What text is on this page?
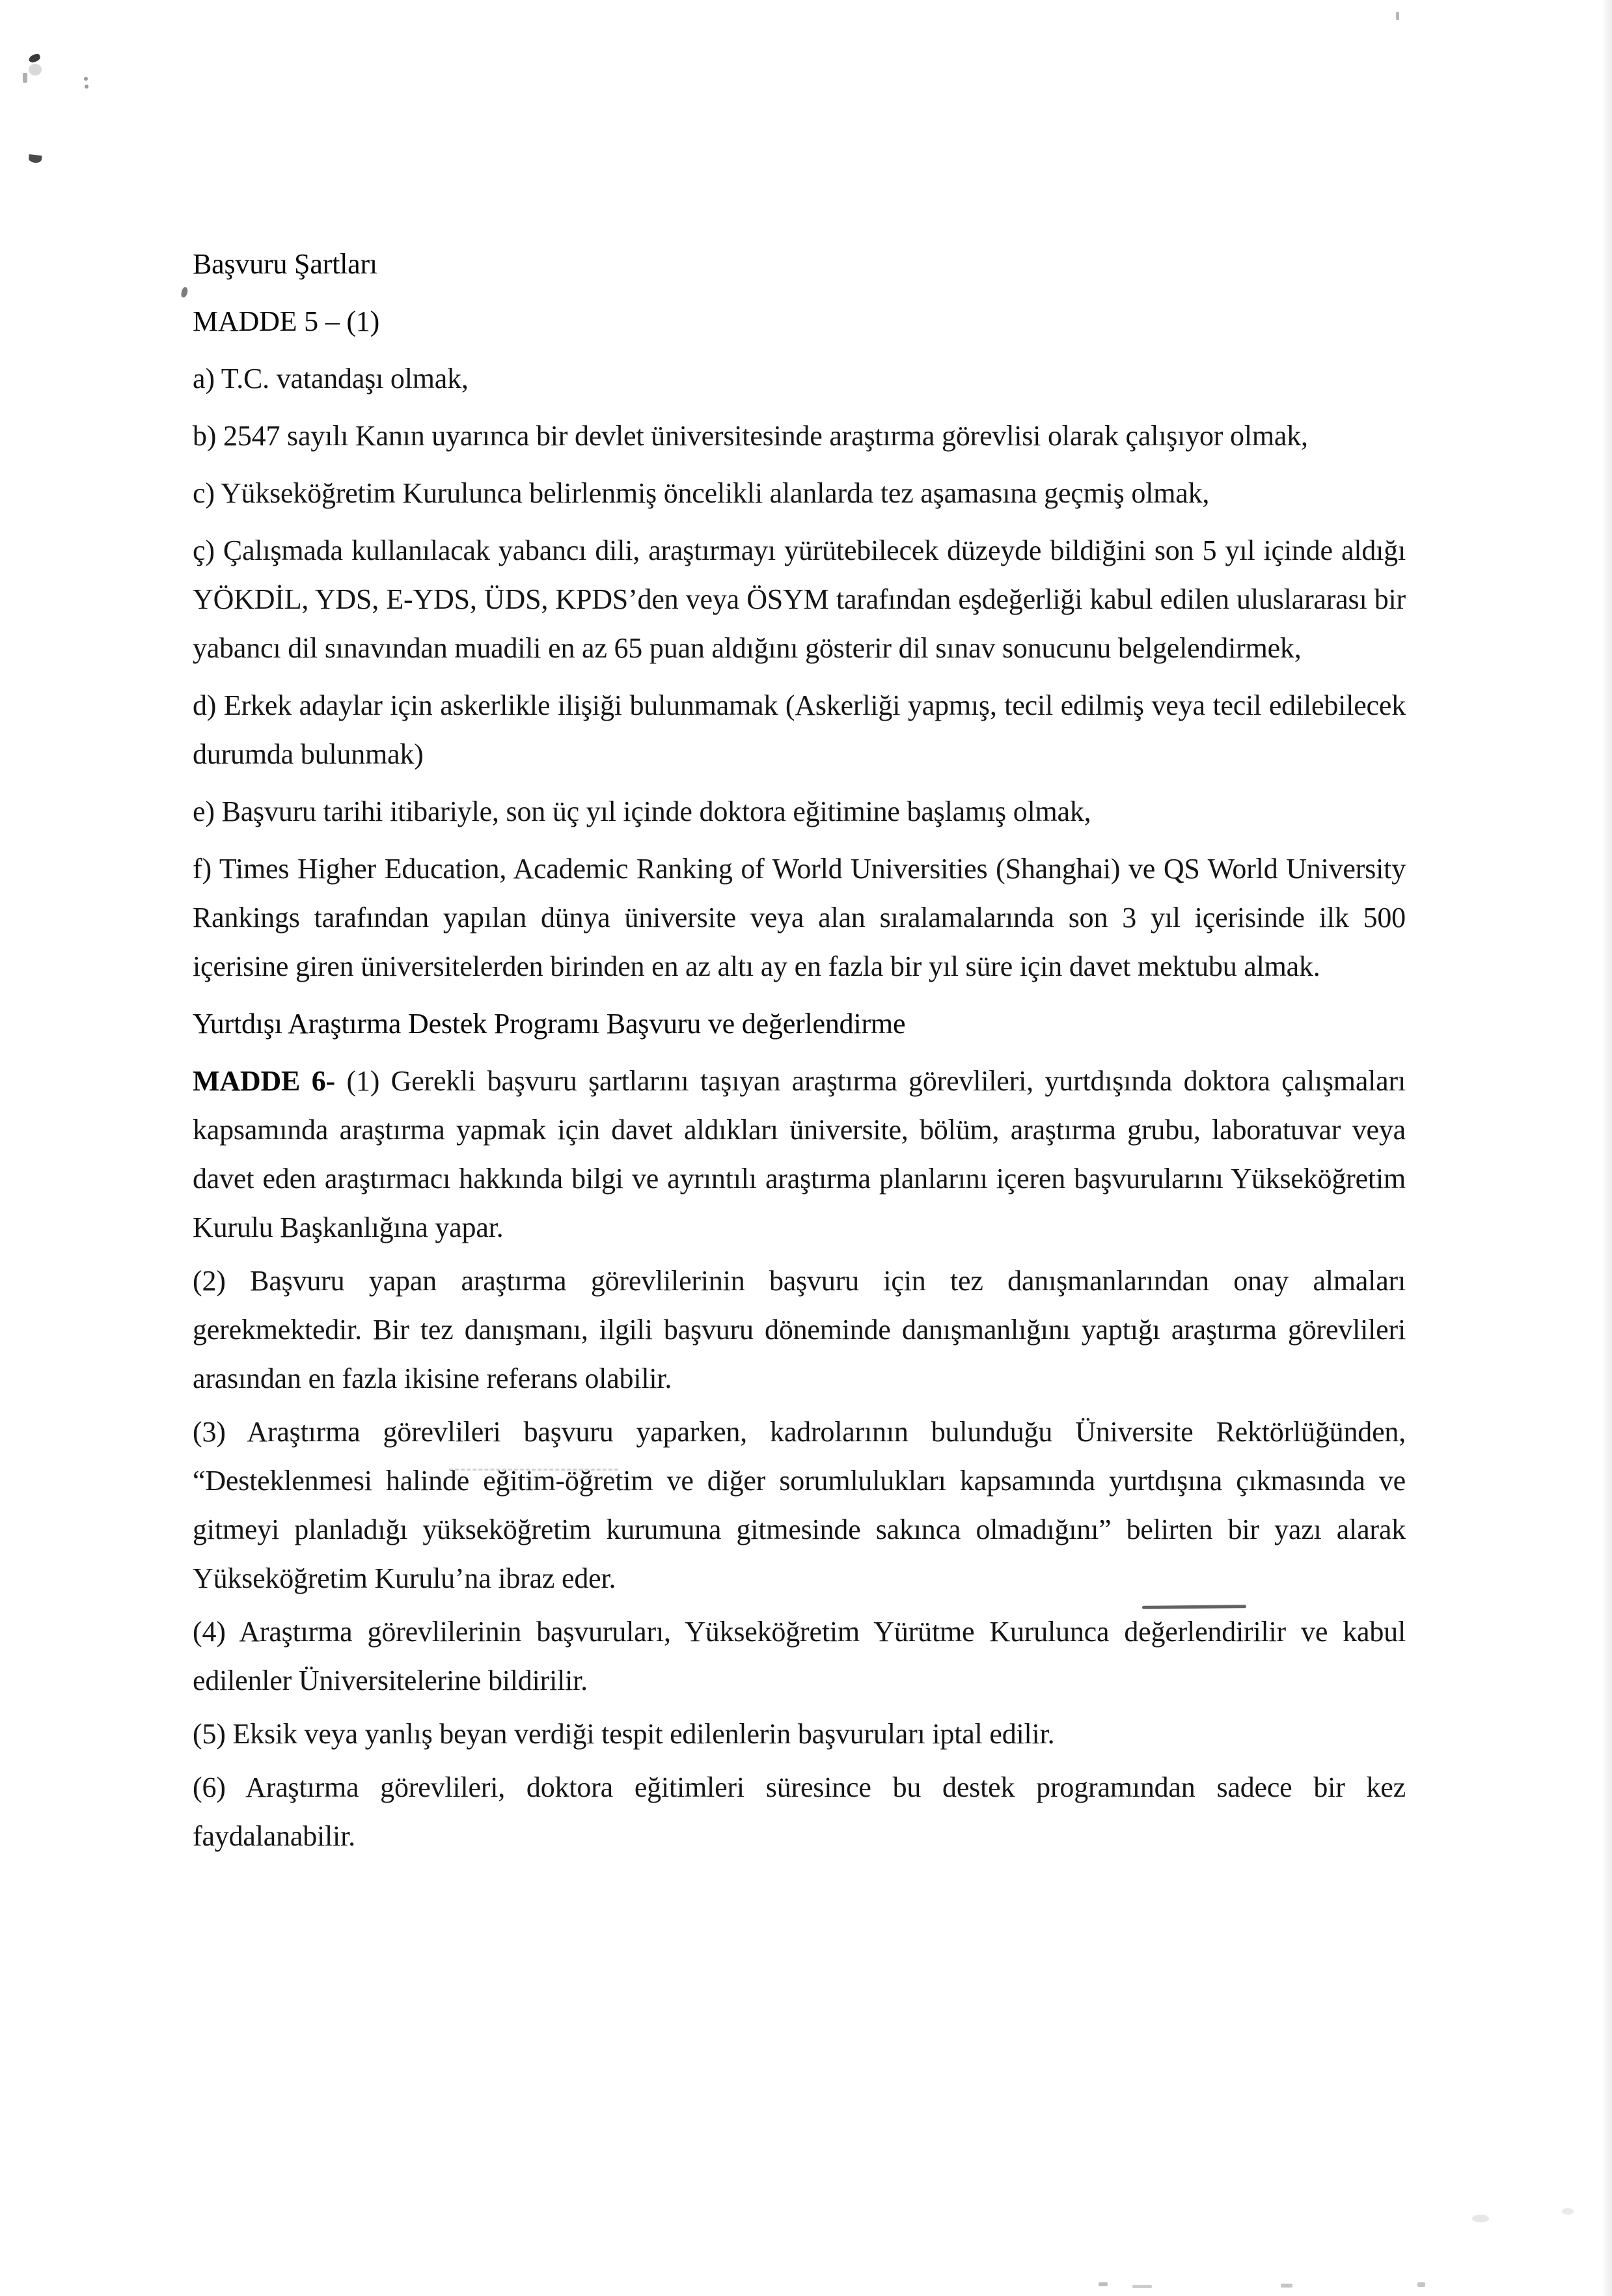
Başvuru Şartları
MADDE 5 – (1)

a) T.C. vatandaşı olmak,

b) 2547 sayılı Kanın uyarınca bir devlet üniversitesinde araştırma görevlisi olarak çalışıyor olmak,

c) Yükseköğretim Kurulunca belirlenmiş öncelikli alanlarda tez aşamasına geçmiş olmak,

ç) Çalışmada kullanılacak yabancı dili, araştırmayı yürütebilecek düzeyde bildiğini son 5 yıl içinde aldığı YÖKDİL, YDS, E-YDS, ÜDS, KPDS’den veya ÖSYM tarafından eşdeğerliği kabul edilen uluslararası bir yabancı dil sınavından muadili en az 65 puan aldığını gösterir dil sınav sonucunu belgelendirmek,

d) Erkek adaylar için askerlikle ilişiği bulunmamak (Askerliği yapmış, tecil edilmiş veya tecil edilebilecek durumda bulunmak)

e) Başvuru tarihi itibariyle, son üç yıl içinde doktora eğitimine başlamış olmak,

f) Times Higher Education, Academic Ranking of World Universities (Shanghai) ve QS World University Rankings tarafından yapılan dünya üniversite veya alan sıralamalarında son 3 yıl içerisinde ilk 500 içerisine giren üniversitelerden birinden en az altı ay en fazla bir yıl süre için davet mektubu almak.

Yurtdışı Araştırma Destek Programı Başvuru ve değerlendirme

MADDE 6- (1) Gerekli başvuru şartlarını taşıyan araştırma görevlileri, yurtdışında doktora çalışmaları kapsamında araştırma yapmak için davet aldıkları üniversite, bölüm, araştırma grubu, laboratuvar veya davet eden araştırmacı hakkında bilgi ve ayrıntılı araştırma planlarını içeren başvurularını Yükseköğretim Kurulu Başkanlığına yapar.

(2) Başvuru yapan araştırma görevlilerinin başvuru için tez danışmanlarından onay almaları gerekmektedir. Bir tez danışmanı, ilgili başvuru döneminde danışmanlığını yaptığı araştırma görevlileri arasından en fazla ikisine referans olabilir.

(3) Araştırma görevlileri başvuru yaparken, kadrolarının bulunduğu Üniversite Rektörlüğünden, “Desteklenmesi halinde eğitim-öğretim ve diğer sorumlulukları kapsamında yurtdışına çıkmasında ve gitmeyi planladığı yükseköğretim kurumuna gitmesinde sakınca olmadığını” belirten bir yazı alarak Yükseköğretim Kurulu’na ibraz eder.

(4) Araştırma görevlilerinin başvuruları, Yükseköğretim Yürütme Kurulunca değerlendirilir ve kabul edilenler Üniversitelerine bildirilir.

(5) Eksik veya yanlış beyan verdiği tespit edilenlerin başvuruları iptal edilir.

(6) Araştırma görevlileri, doktora eğitimleri süresince bu destek programından sadece bir kez faydalanabilir.
